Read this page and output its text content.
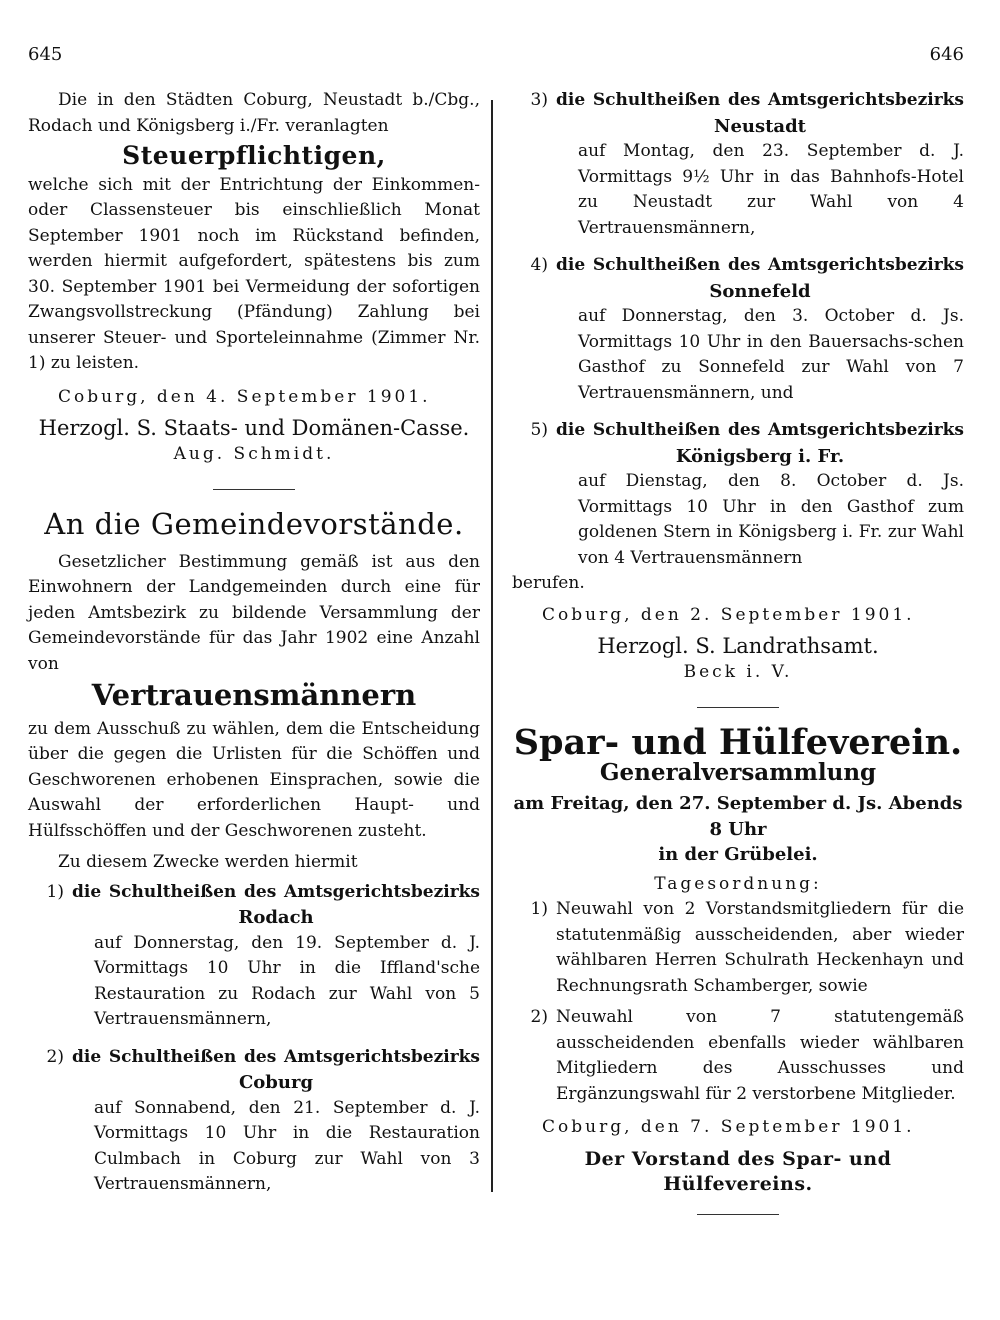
645	646

Die in den Städten Coburg, Neustadt b./Cbg., Rodach und Königsberg i./Fr. veranlagten

Steuerpflichtigen,

welche sich mit der Entrichtung der Einkommen- oder Classensteuer bis einschließlich Monat September 1901 noch im Rückstand befinden, werden hiermit aufgefordert, spätestens bis zum 30. September 1901 bei Vermeidung der sofortigen Zwangsvollstreckung (Pfändung) Zahlung bei unserer Steuer- und Sporteleinnahme (Zimmer Nr. 1) zu leisten.

Coburg, den 4. September 1901.

Herzogl. S. Staats- und Domänen-Casse.

Aug. Schmidt.

An die Gemeindevorstände.

Gesetzlicher Bestimmung gemäß ist aus den Einwohnern der Landgemeinden durch eine für jeden Amtsbezirk zu bildende Versammlung der Gemeindevorstände für das Jahr 1902 eine Anzahl von

Vertrauensmännern

zu dem Ausschuß zu wählen, dem die Entscheidung über die gegen die Urlisten für die Schöffen und Geschworenen erhobenen Einsprachen, sowie die Auswahl der erforderlichen Haupt- und Hülfsschöffen und der Geschworenen zusteht.

Zu diesem Zwecke werden hiermit

1) die Schultheißen des Amtsgerichtsbezirks

Rodach

auf Donnerstag, den 19. September d. J. Vormittags 10 Uhr in die Iffland'sche Restauration zu Rodach zur Wahl von 5 Vertrauensmännern,

2) die Schultheißen des Amtsgerichtsbezirks

Coburg

auf Sonnabend, den 21. September d. J. Vormittags 10 Uhr in die Restauration Culmbach in Coburg zur Wahl von 3 Vertrauensmännern,

3) die Schultheißen des Amtsgerichtsbezirks

Neustadt

auf Montag, den 23. September d. J. Vormittags 9½ Uhr in das Bahnhofs-Hotel zu Neustadt zur Wahl von 4 Vertrauensmännern,

4) die Schultheißen des Amtsgerichtsbezirks

Sonnefeld

auf Donnerstag, den 3. October d. Js. Vormittags 10 Uhr in den Bauersachs-schen Gasthof zu Sonnefeld zur Wahl von 7 Vertrauensmännern, und

5) die Schultheißen des Amtsgerichtsbezirks

Königsberg i. Fr.

auf Dienstag, den 8. October d. Js. Vormittags 10 Uhr in den Gasthof zum goldenen Stern in Königsberg i. Fr. zur Wahl von 4 Vertrauensmännern

berufen.

Coburg, den 2. September 1901.

Herzogl. S. Landrathsamt.

Beck i. V.

Spar- und Hülfeverein.

Generalversammlung

am Freitag, den 27. September d. Js. Abends 8 Uhr

in der Grübelei.

Tagesordnung:

1) Neuwahl von 2 Vorstandsmitgliedern für die statutenmäßig ausscheidenden, aber wieder wählbaren Herren Schulrath Heckenhayn und Rechnungsrath Schamberger, sowie

2) Neuwahl von 7 statutengemäß ausscheidenden ebenfalls wieder wählbaren Mitgliedern des Ausschusses und Ergänzungswahl für 2 verstorbene Mitglieder.

Coburg, den 7. September 1901.

Der Vorstand des Spar- und Hülfevereins.
